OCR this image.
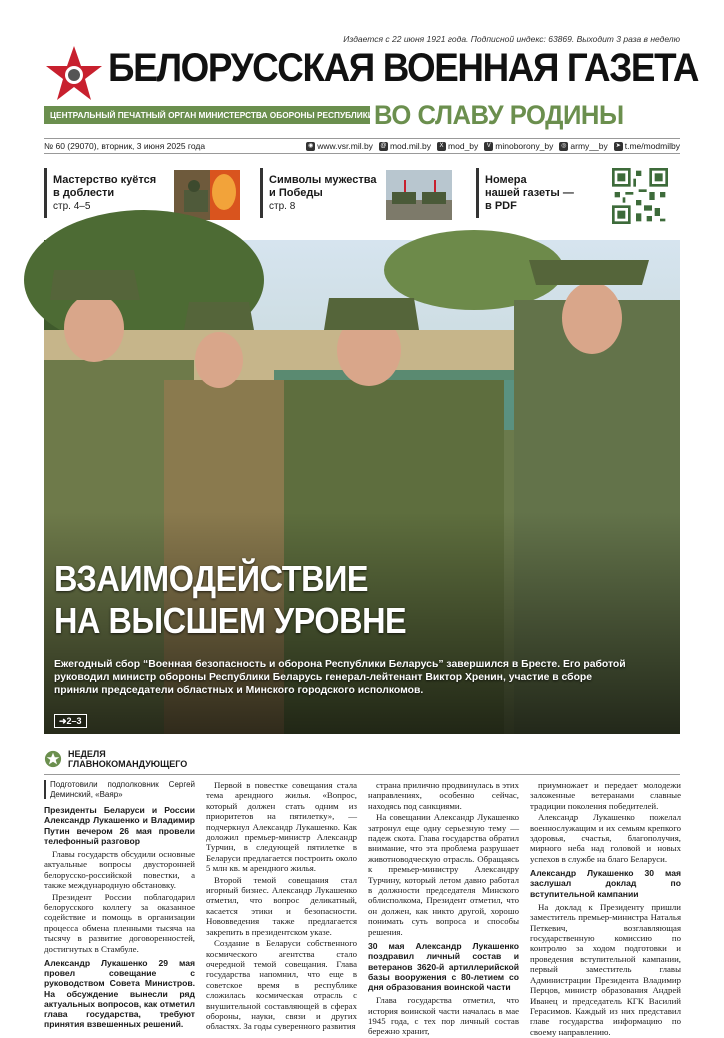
Издается с 22 июня 1921 года. Подписной индекс: 63869. Выходит 3 раза в неделю
БЕЛОРУССКАЯ ВОЕННАЯ ГАЗЕТА
ЦЕНТРАЛЬНЫЙ ПЕЧАТНЫЙ ОРГАН МИНИСТЕРСТВА ОБОРОНЫ РЕСПУБЛИКИ БЕЛАРУСЬ
ВО СЛАВУ РОДИНЫ
№ 60 (29070), вторник, 3 июня 2025 года	◉ www.vsr.mil.by @ mod.mil.by	X mod_by	V minoborony_by	◎ army__by	➤ t.me/modmilby
Мастерство куётся
в доблести
стр. 4–5
Символы мужества
и Победы
стр. 8
Номера
нашей газеты —
в PDF
ВЗАИМОДЕЙСТВИЕ
НА ВЫСШЕМ УРОВНЕ
Ежегодный сбор “Военная безопасность и оборона Республики Беларусь” завершился в Бресте. Его работой руководил министр обороны Республики Беларусь генерал-лейтенант Виктор Хренин, участие в сборе приняли председатели областных и Минского городского исполкомов.
➜2–3
НЕДЕЛЯ
ГЛАВНОКОМАНДУЮЩЕГО

Подготовили подполковник Сергей Деминский, «Ваяр»

Президенты Беларуси и России Александр Лукашенко и Владимир Путин вечером 26 мая провели телефонный разговор

Главы государств обсудили основные актуальные вопросы двусторонней белорусско-российской повестки, а также международную обстановку.

Президент России поблагодарил белорусского коллегу за оказанное содействие и помощь в организации процесса обмена пленными тысяча на тысячу в развитие договоренностей, достигнутых в Стамбуле.

Александр Лукашенко 29 мая провел совещание с руководством Совета Министров. На обсуждение вынесли ряд актуальных вопросов, как отметил глава государства, требуют принятия взвешенных решений.

Первой в повестке совещания стала тема арендного жилья. «Вопрос, который должен стать одним из приоритетов на пятилетку», — подчеркнул Александр Лукашенко. Как доложил премьер-министр Александр Турчин, в следующей пятилетке в Беларуси предлагается построить около 5 млн кв. м арендного жилья.

Второй темой совещания стал игорный бизнес. Александр Лукашенко отметил, что вопрос деликатный, касается этики и безопасности. Нововведения также предлагается закрепить в президентском указе.

Создание в Беларуси собственного космического агентства стало очередной темой совещания. Глава государства напомнил, что еще в советское время в республике сложилась космическая отрасль с внушительной составляющей в сферах обороны, науки, связи и других областях. За годы суверенного развития

страна прилично продвинулась в этих направлениях, особенно сейчас, находясь под санкциями.

На совещании Александр Лукашенко затронул еще одну серьезную тему — падеж скота. Глава государства обратил внимание, что эта проблема разрушает животноводческую отрасль. Обращаясь к премьер-министру Александру Турчину, который летом давно работал в должности председателя Минского облисполкома, Президент отметил, что он должен, как никто другой, хорошо понимать суть вопроса и способы решения.

30 мая Александр Лукашенко поздравил личный состав и ветеранов 3620-й артиллерийской базы вооружения с 80-летием со дня образования воинской части

Глава государства отметил, что история воинской части началась в мае 1945 года, с тех пор личный состав бережно хранит,

приумножает и передает молодежи заложенные ветеранами славные традиции поколения победителей.

Александр Лукашенко пожелал военнослужащим и их семьям крепкого здоровья, счастья, благополучия, мирного неба над головой и новых успехов в службе на благо Беларуси.

Александр Лукашенко 30 мая заслушал доклад по вступительной кампании

На доклад к Президенту пришли заместитель премьер-министра Наталья Петкевич, возглавляющая государственную комиссию по контролю за ходом подготовки и проведения вступительной кампании, первый заместитель главы Администрации Президента Владимир Перцов, министр образования Андрей Иванец и председатель КГК Василий Герасимов. Каждый из них представил главе государства информацию по своему направлению.
